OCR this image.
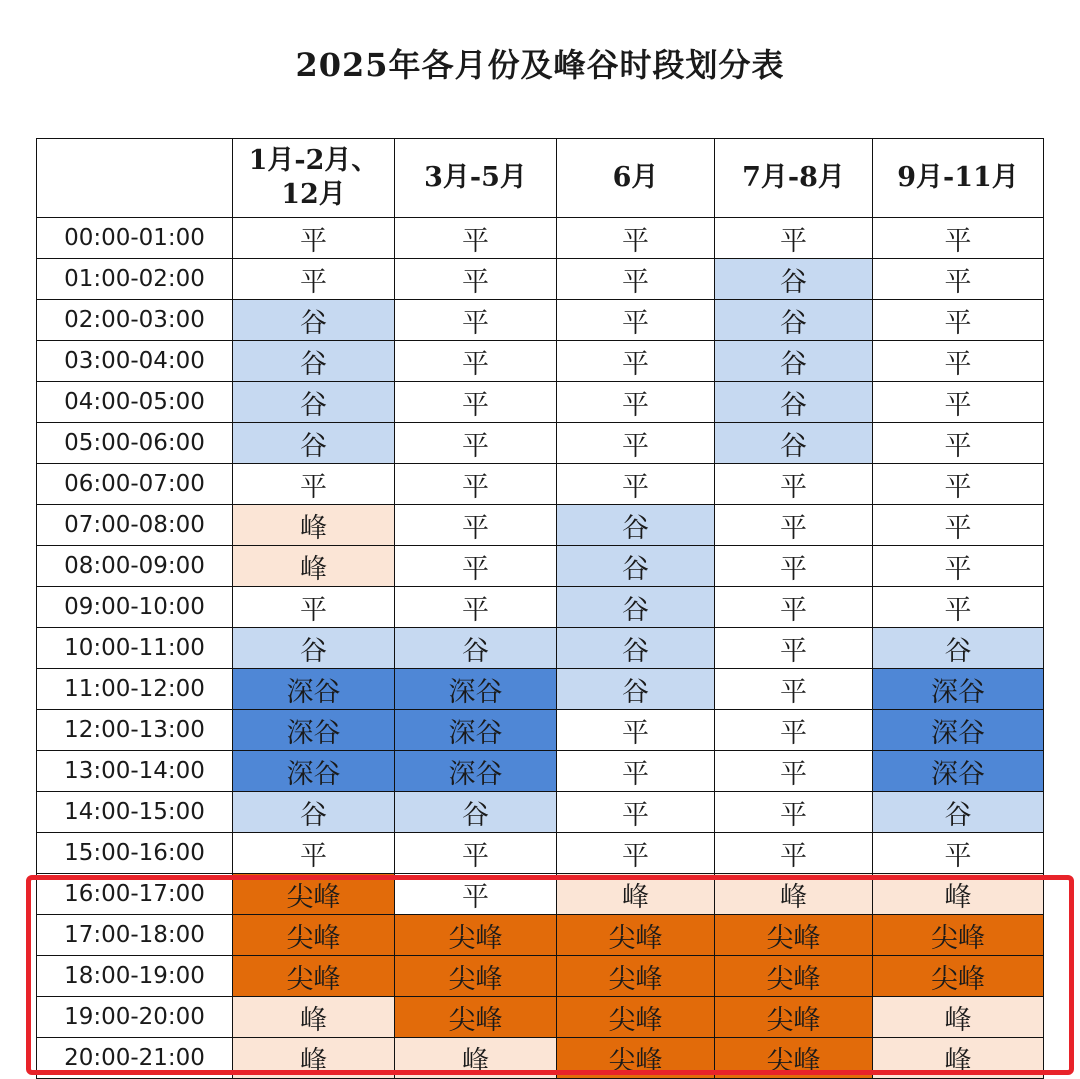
2025年各月份及峰谷时段划分表
	1月-2月、12月	3月-5月	6月	7月-8月	9月-11月
00:00-01:00	平	平	平	平	平
01:00-02:00	平	平	平	谷	平
02:00-03:00	谷	平	平	谷	平
03:00-04:00	谷	平	平	谷	平
04:00-05:00	谷	平	平	谷	平
05:00-06:00	谷	平	平	谷	平
06:00-07:00	平	平	平	平	平
07:00-08:00	峰	平	谷	平	平
08:00-09:00	峰	平	谷	平	平
09:00-10:00	平	平	谷	平	平
10:00-11:00	谷	谷	谷	平	谷
11:00-12:00	深谷	深谷	谷	平	深谷
12:00-13:00	深谷	深谷	平	平	深谷
13:00-14:00	深谷	深谷	平	平	深谷
14:00-15:00	谷	谷	平	平	谷
15:00-16:00	平	平	平	平	平
16:00-17:00	尖峰	平	峰	峰	峰
17:00-18:00	尖峰	尖峰	尖峰	尖峰	尖峰
18:00-19:00	尖峰	尖峰	尖峰	尖峰	尖峰
19:00-20:00	峰	尖峰	尖峰	尖峰	峰
20:00-21:00	峰	峰	尖峰	尖峰	峰
